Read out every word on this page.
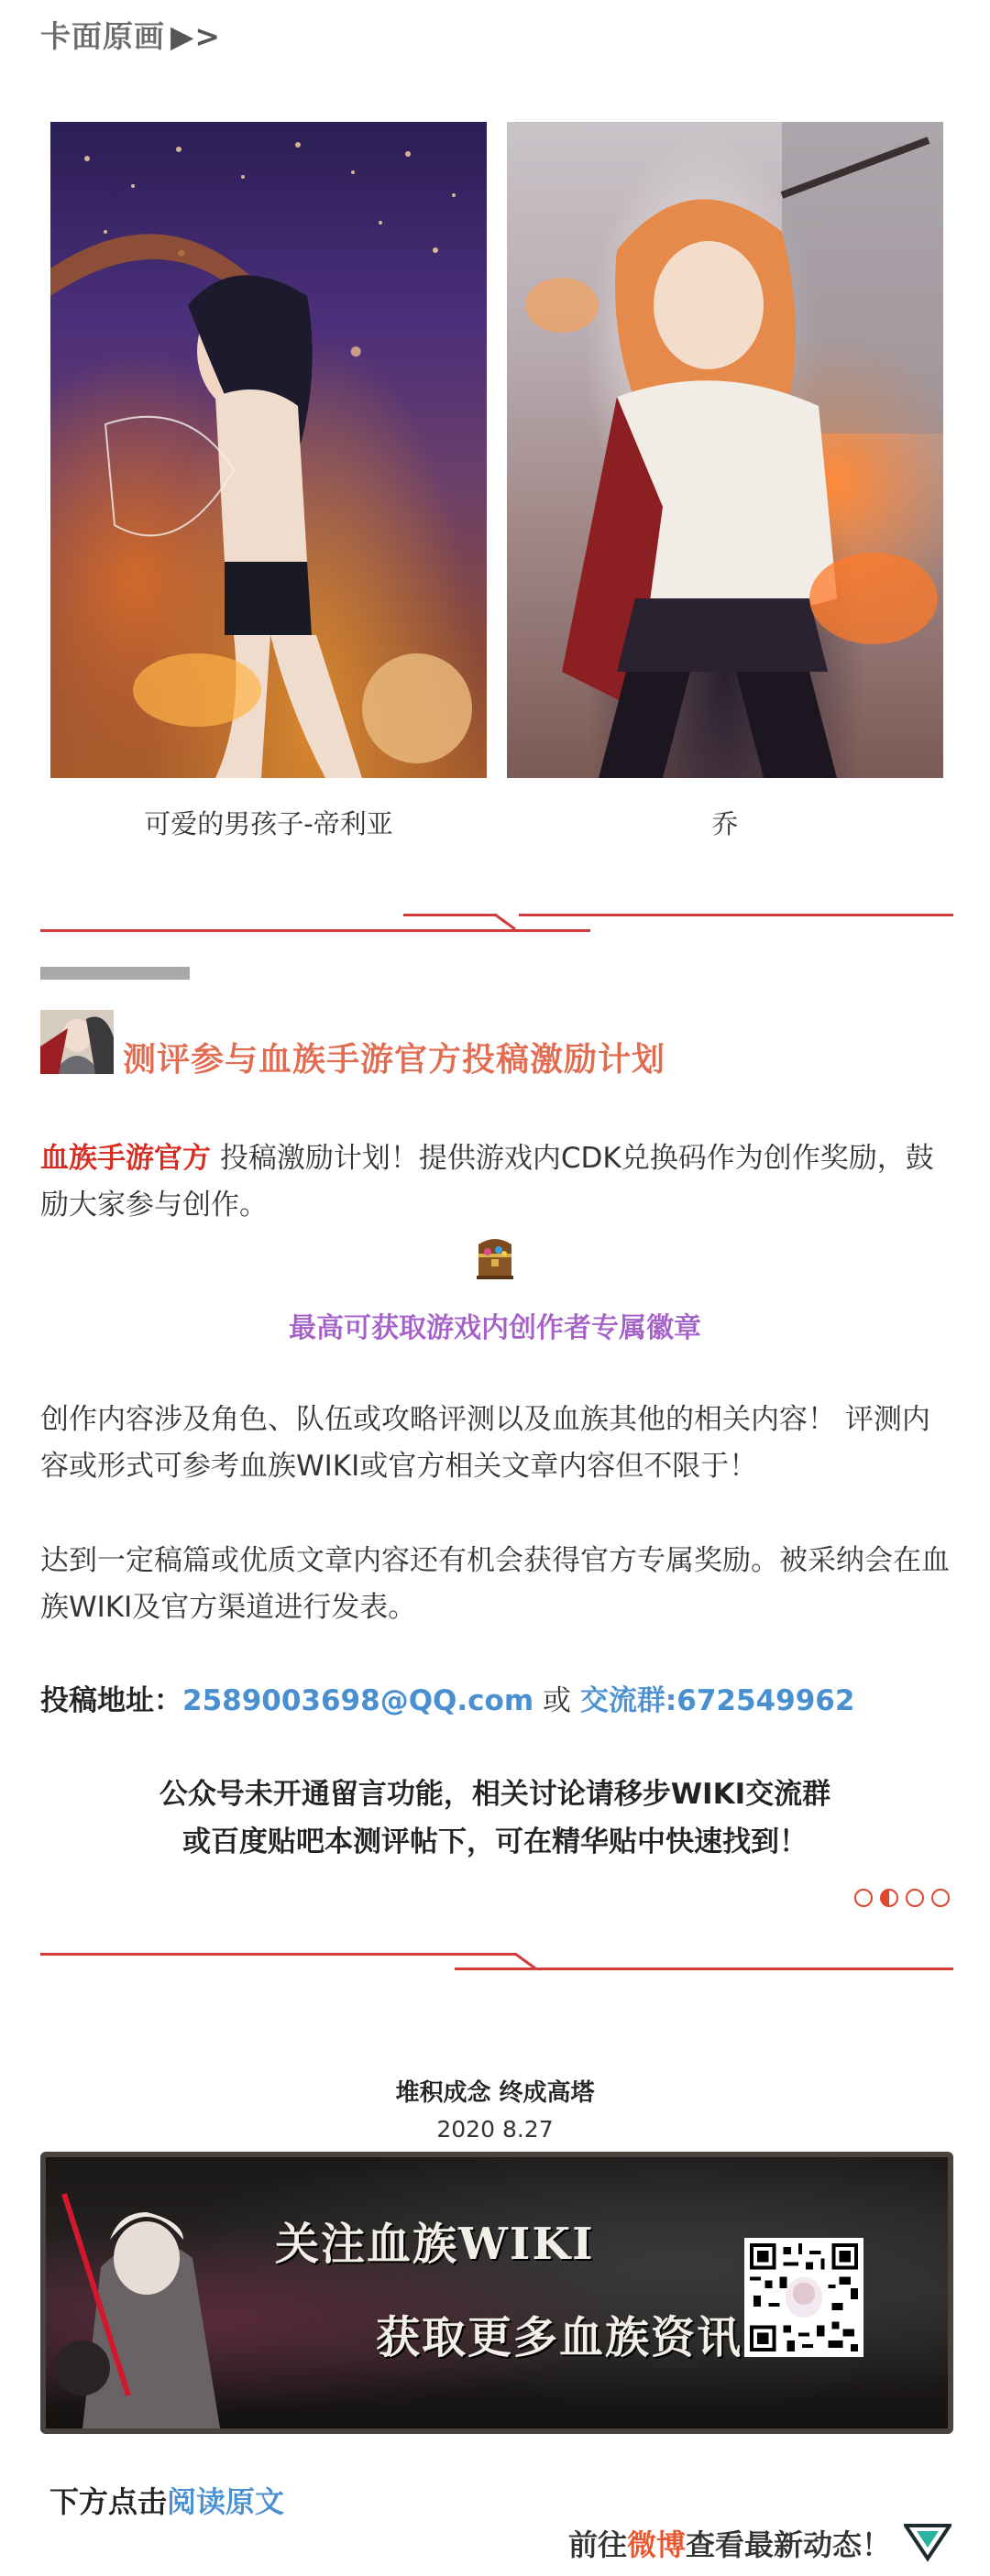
卡面原画 ▶>
可爱的男孩子-帝利亚	乔
测评参与血族手游官方投稿激励计划
血族手游官方 投稿激励计划！提供游戏内CDK兑换码作为创作奖励，鼓励大家参与创作。
最高可获取游戏内创作者专属徽章
创作内容涉及角色、队伍或攻略评测以及血族其他的相关内容！ 评测内容或形式可参考血族WIKI或官方相关文章内容但不限于！
达到一定稿篇或优质文章内容还有机会获得官方专属奖励。被采纳会在血族WIKI及官方渠道进行发表。
投稿地址：2589003698@QQ.com 或 交流群:672549962
公众号未开通留言功能，相关讨论请移步WIKI交流群
或百度贴吧本测评帖下，可在精华贴中快速找到！
堆积成念 终成高塔
2020 8.27
关注血族WIKI
获取更多血族资讯
下方点击阅读原文
前往微博查看最新动态！
